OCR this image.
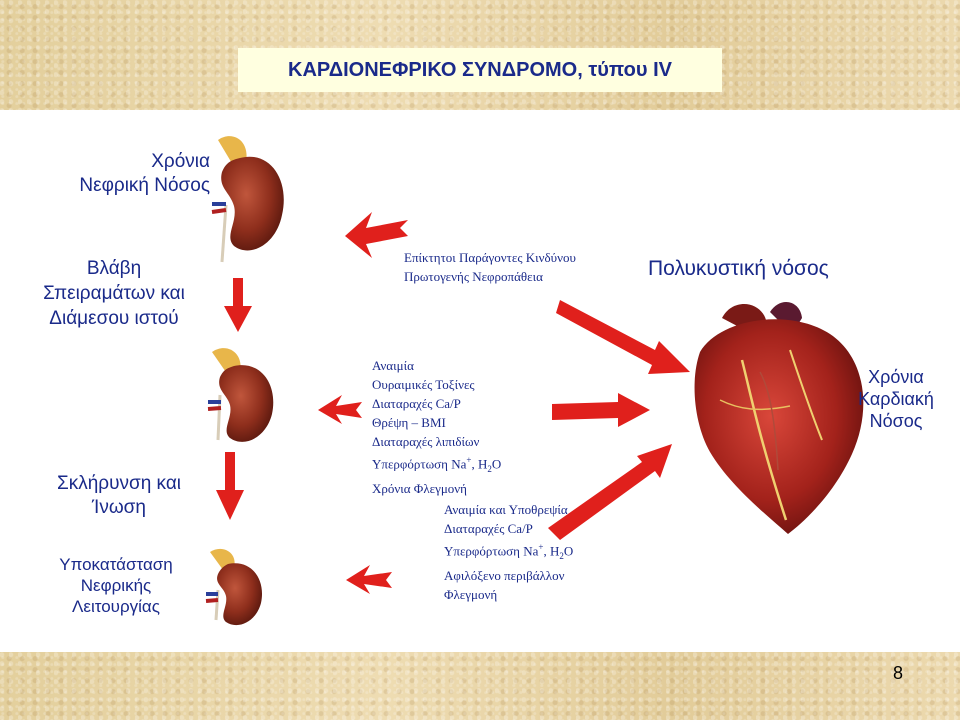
ΚΑΡΔΙΟΝΕΦΡΙΚΟ ΣΥΝΔΡΟΜΟ, τύπου IV
Χρόνια
Νεφρική Νόσος
Βλάβη
Σπειραμάτων και
Διάμεσου ιστού
Σκλήρυνση και
Ίνωση
Υποκατάσταση
Νεφρικής
Λειτουργίας
Επίκτητοι Παράγοντες Κινδύνου
Πρωτογενής Νεφροπάθεια	Πολυκυστική νόσος
Αναιμία
Ουραιμικές Τοξίνες
Διαταραχές Ca/P
Θρέψη – BMI
Διαταραχές λιπιδίων
Υπερφόρτωση Na+, $H_2O$
Χρόνια Φλεγμονή
Αναιμία και Υποθρεψία
Διαταραχές Ca/P
Υπερφόρτωση Na+, $H_2O$
Αφιλόξενο περιβάλλον
Φλεγμονή
Χρόνια
Καρδιακή
Νόσος
8
